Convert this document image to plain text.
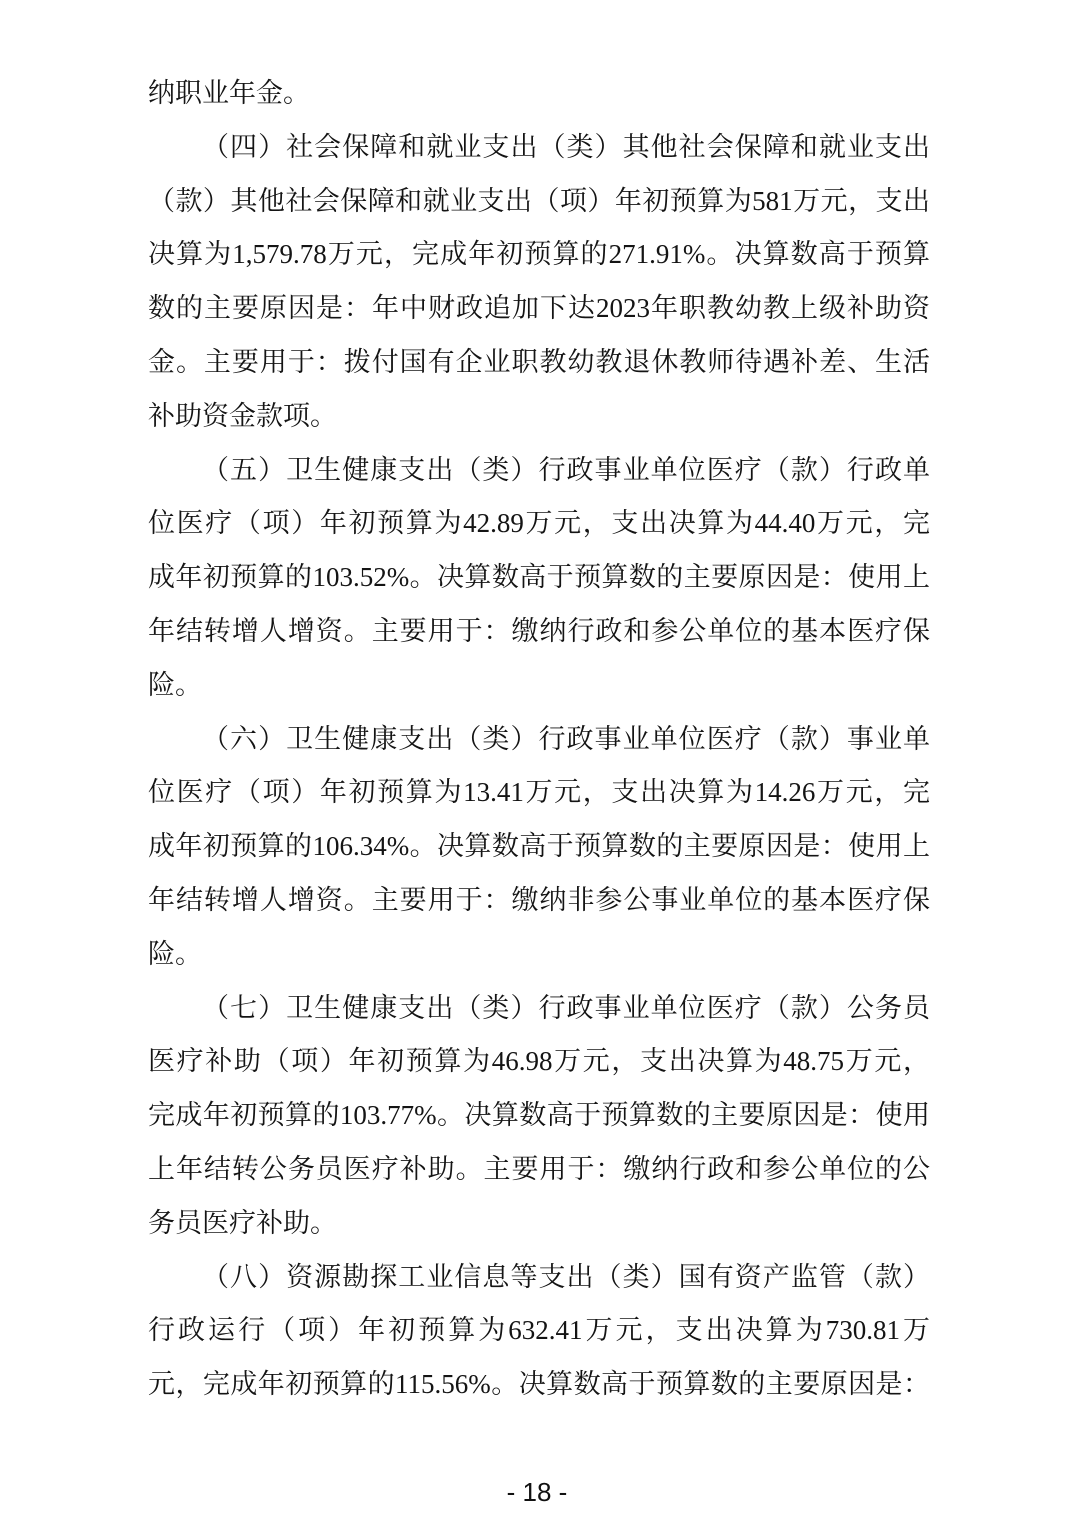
纳职业年金。
（四）社会保障和就业支出（类）其他社会保障和就业支出
（款）其他社会保障和就业支出（项）年初预算为581万元，支出
决算为1,579.78万元，完成年初预算的271.91%。决算数高于预算
数的主要原因是：年中财政追加下达2023年职教幼教上级补助资
金。主要用于：拨付国有企业职教幼教退休教师待遇补差、生活
补助资金款项。
（五）卫生健康支出（类）行政事业单位医疗（款）行政单
位医疗（项）年初预算为42.89万元，支出决算为44.40万元，完
成年初预算的103.52%。决算数高于预算数的主要原因是：使用上
年结转增人增资。主要用于：缴纳行政和参公单位的基本医疗保
险。
（六）卫生健康支出（类）行政事业单位医疗（款）事业单
位医疗（项）年初预算为13.41万元，支出决算为14.26万元，完
成年初预算的106.34%。决算数高于预算数的主要原因是：使用上
年结转增人增资。主要用于：缴纳非参公事业单位的基本医疗保
险。
（七）卫生健康支出（类）行政事业单位医疗（款）公务员
医疗补助（项）年初预算为46.98万元，支出决算为48.75万元，
完成年初预算的103.77%。决算数高于预算数的主要原因是：使用
上年结转公务员医疗补助。主要用于：缴纳行政和参公单位的公
务员医疗补助。
（八）资源勘探工业信息等支出（类）国有资产监管（款）
行政运行（项）年初预算为632.41万元，支出决算为730.81万
元，完成年初预算的115.56%。决算数高于预算数的主要原因是：
- 18 -
